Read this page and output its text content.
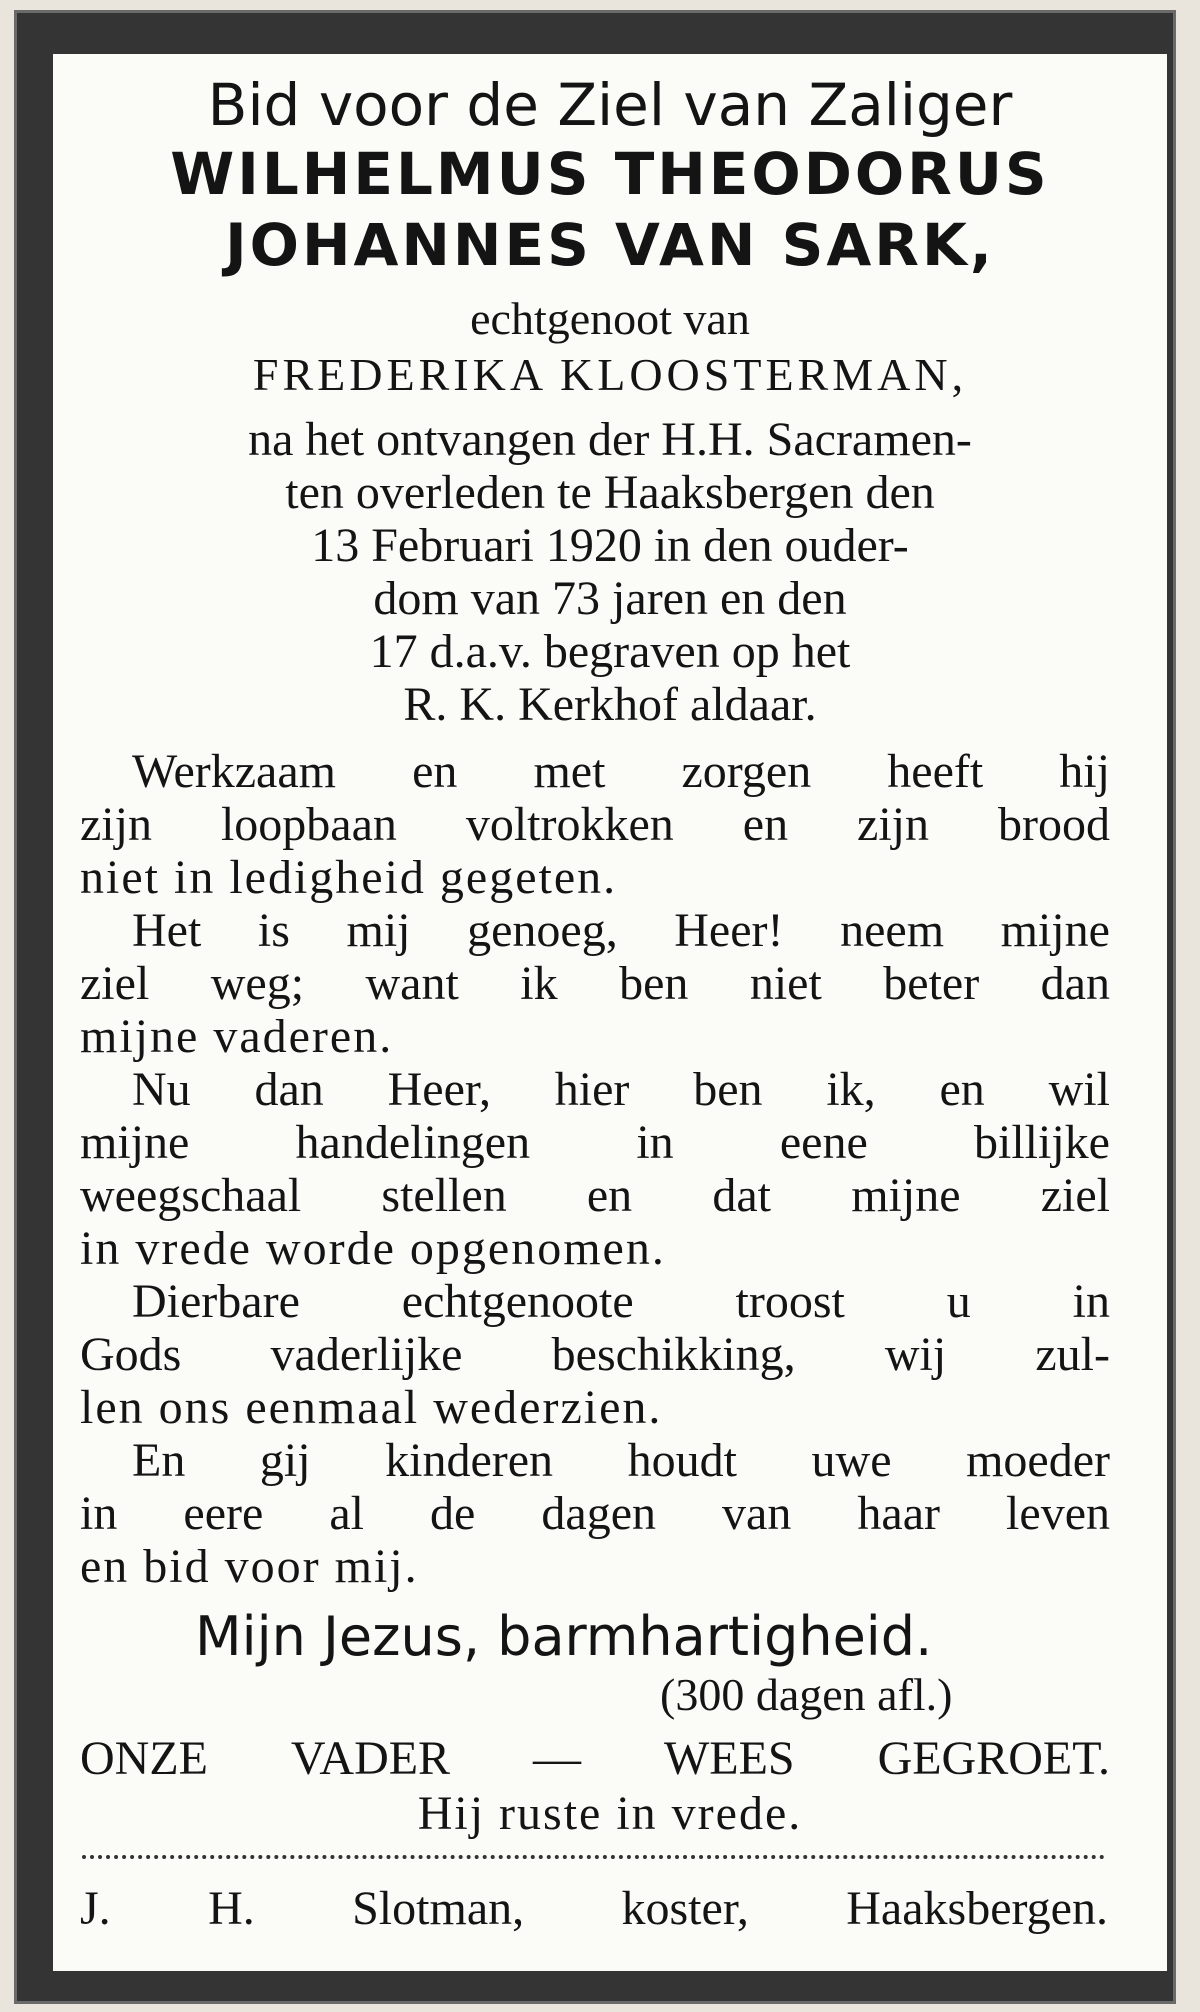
Bid voor de Ziel van Zaliger
WILHELMUS THEODORUS
JOHANNES VAN SARK,
echtgenoot van
FREDERIKA KLOOSTERMAN,
na het ontvangen der H.H. Sacramen-
ten overleden te Haaksbergen den
13 Februari 1920 in den ouder-
dom van 73 jaren en den
17 d.a.v. begraven op het
R. K. Kerkhof aldaar.
Werkzaam en met zorgen heeft hij
zijn loopbaan voltrokken en zijn brood
niet in ledigheid gegeten.
Het is mij genoeg, Heer! neem mijne
ziel weg; want ik ben niet beter dan
mijne vaderen.
Nu dan Heer, hier ben ik, en wil
mijne handelingen in eene billijke
weegschaal stellen en dat mijne ziel
in vrede worde opgenomen.
Dierbare echtgenoote troost u in
Gods vaderlijke beschikking, wij zul-
len ons eenmaal wederzien.
En gij kinderen houdt uwe moeder
in eere al de dagen van haar leven
en bid voor mij.
Mijn Jezus, barmhartigheid.
(300 dagen afl.)
ONZE VADER — WEES GEGROET.
Hij ruste in vrede.
J. H. Slotman, koster, Haaksbergen.
